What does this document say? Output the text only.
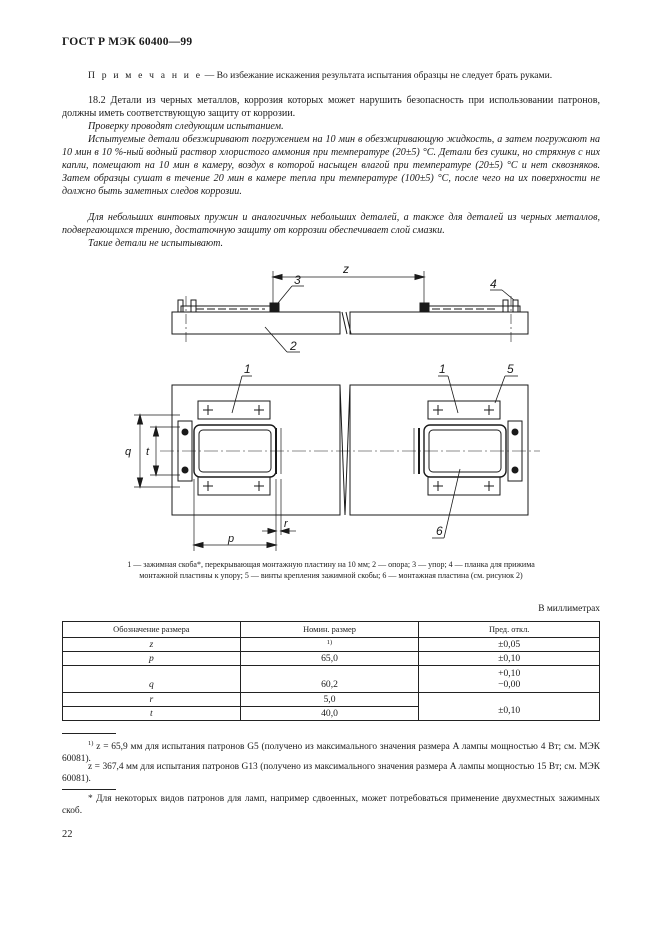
ГОСТ Р МЭК 60400—99
П р и м е ч а н и е — Во избежание искажения результата испытания образцы не следует брать руками.

18.2 Детали из черных металлов, коррозия которых может нарушить безопасность при использовании патронов, должны иметь соответствующую защиту от коррозии.

Проверку проводят следующим испытанием.

Испытуемые детали обезжиривают погружением на 10 мин в обезжиривающую жидкость, а затем погружают на 10 мин в 10 %-ный водный раствор хлористого аммония при температуре (20±5) °С. Детали без сушки, но стряхнув с них капли, помещают на 10 мин в камеру, воздух в которой насыщен влагой при температуре (20±5) °С и нет сквозняков. Затем образцы сушат в течение 20 мин в камере тепла при температуре (100±5) °С, после чего на их поверхности не должно быть заметных следов коррозии.

Для небольших винтовых пружин и аналогичных небольших деталей, а также для деталей из черных металлов, подвергающихся трению, достаточную защиту от коррозии обеспечивает слой смазки.

Такие детали не испытывают.

z
3	4
2
1	1	5
6
q t
p
r
1 — зажимная скоба*, перекрывающая монтажную пластину на 10 мм; 2 — опора; 3 — упор; 4 — планка для прижима
монтажной пластины к упору; 5 — винты крепления зажимной скобы; 6 — монтажная пластина (см. рисунок 2)
В миллиметрах
Обозначение размера	Номин. размер	Пред. откл.
z	1)	±0,05
p	65,0	±0,10
q	60,2	+0,10
−0,00

r	5,0	±0,10
t	40,0	

$^{1)}$ z = 65,9 мм для испытания патронов G5 (получено из максимального значения размера A лампы мощностью 4 Вт; см. МЭК 60081).

z = 367,4 мм для испытания патронов G13 (получено из максимального значения размера A лампы мощностью 15 Вт; см. МЭК 60081).

* Для некоторых видов патронов для ламп, например сдвоенных, может потребоваться применение двухместных зажимных скоб.

22
